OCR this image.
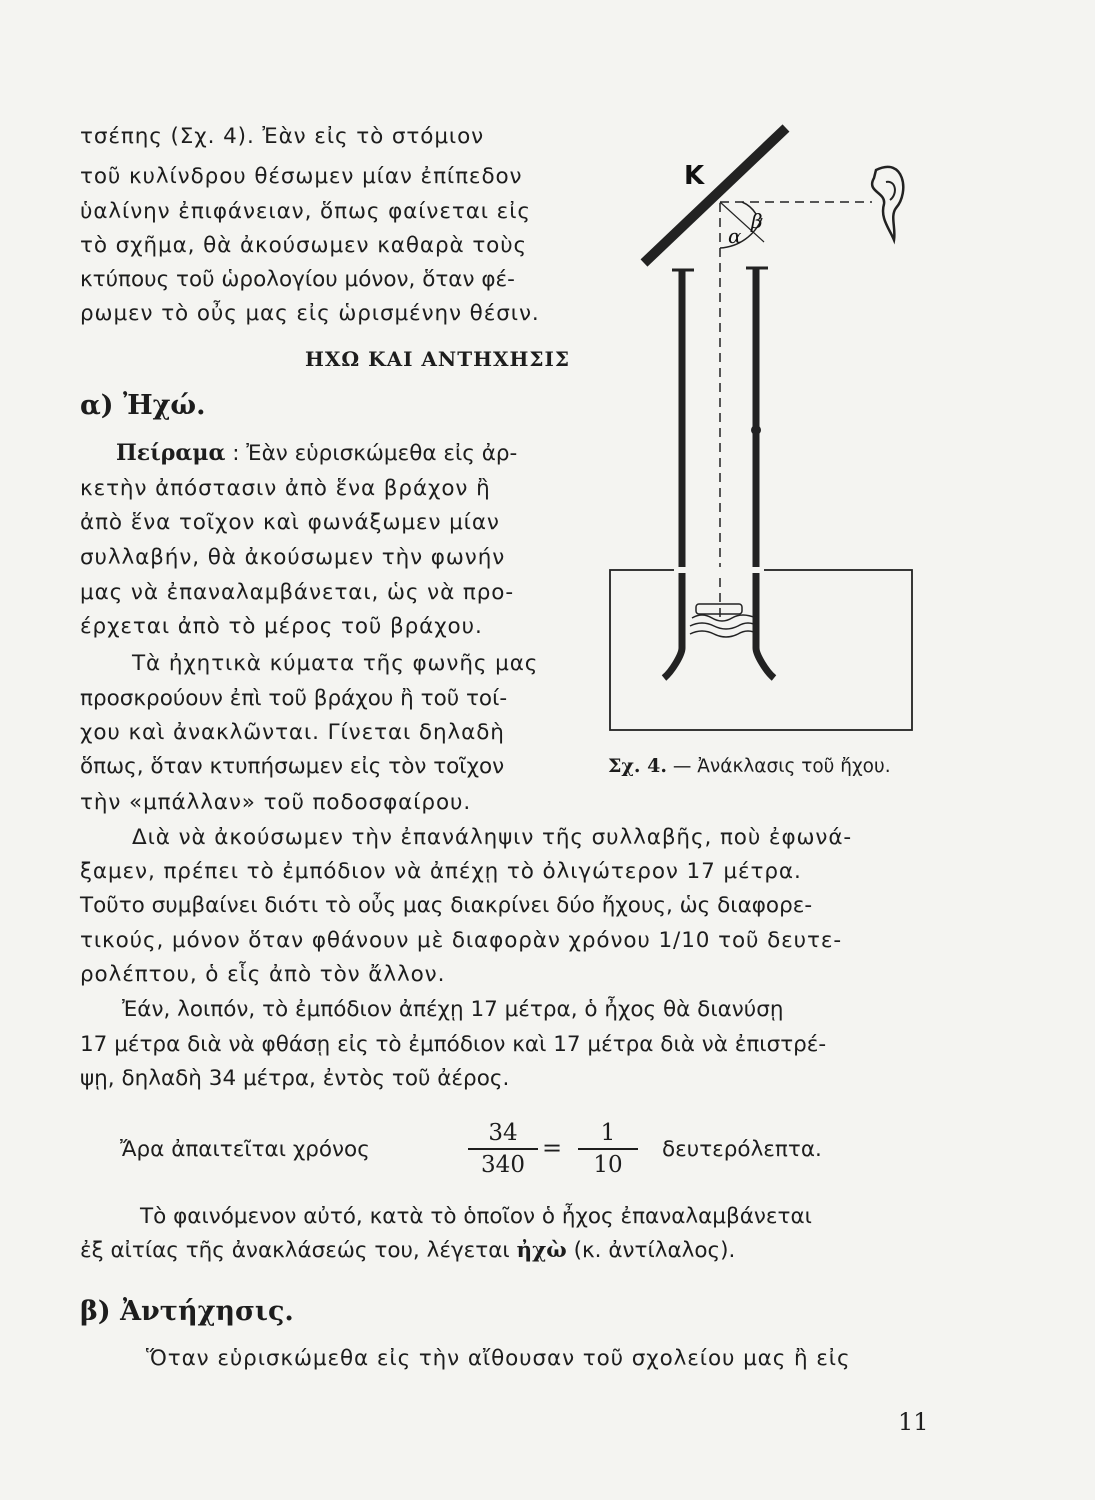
τσέπης (Σχ. 4). Ἐὰν εἰς τὸ στόμιον
τοῦ κυλίνδρου θέσωμεν μίαν ἐπίπεδον
ὑαλίνην ἐπιφάνειαν, ὅπως φαίνεται εἰς
τὸ σχῆμα, θὰ ἀκούσωμεν καθαρὰ τοὺς
κτύπους τοῦ ὡρολογίου μόνον, ὅταν φέ-
ρωμεν τὸ οὖς μας εἰς ὡρισμένην θέσιν.
ΗΧΩ ΚΑΙ ΑΝΤΗΧΗΣΙΣ
α) Ἠχώ.
Πείραμα : Ἐὰν εὑρισκώμεθα εἰς ἀρ-
κετὴν ἀπόστασιν ἀπὸ ἕνα βράχον ἢ
ἀπὸ ἕνα τοῖχον καὶ φωνάξωμεν μίαν
συλλαβήν, θὰ ἀκούσωμεν τὴν φωνήν
μας νὰ ἐπαναλαμβάνεται, ὡς νὰ προ-
έρχεται ἀπὸ τὸ μέρος τοῦ βράχου.
Τὰ ἠχητικὰ κύματα τῆς φωνῆς μας
προσκρούουν ἐπὶ τοῦ βράχου ἢ τοῦ τοί-
χου καὶ ἀνακλῶνται. Γίνεται δηλαδὴ
ὅπως, ὅταν κτυπήσωμεν εἰς τὸν τοῖχον
τὴν «μπάλλαν» τοῦ ποδοσφαίρου.
K
α
β
Σχ. 4. — Ἀνάκλασις τοῦ ἤχου.
Διὰ νὰ ἀκούσωμεν τὴν ἐπανάληψιν τῆς συλλαβῆς, ποὺ ἐφωνά-
ξαμεν, πρέπει τὸ ἐμπόδιον νὰ ἀπέχῃ τὸ ὀλιγώτερον 17 μέτρα.
Τοῦτο συμβαίνει διότι τὸ οὖς μας διακρίνει δύο ἤχους, ὡς διαφορε-
τικούς, μόνον ὅταν φθάνουν μὲ διαφορὰν χρόνου 1/10 τοῦ δευτε-
ρολέπτου, ὁ εἷς ἀπὸ τὸν ἄλλον.
Ἐάν, λοιπόν, τὸ ἐμπόδιον ἀπέχῃ 17 μέτρα, ὁ ἦχος θὰ διανύσῃ
17 μέτρα διὰ νὰ φθάσῃ εἰς τὸ ἐμπόδιον καὶ 17 μέτρα διὰ νὰ ἐπιστρέ-
ψῃ, δηλαδὴ 34 μέτρα, ἐντὸς τοῦ ἀέρος.
Ἄρα ἀπαιτεῖται χρόνος
34
340
=
1
10
δευτερόλεπτα.
Τὸ φαινόμενον αὐτό, κατὰ τὸ ὁποῖον ὁ ἦχος ἐπαναλαμβάνεται
ἐξ αἰτίας τῆς ἀνακλάσεώς του, λέγεται ἠχὼ (κ. ἀντίλαλος).
β) Ἀντήχησις.
Ὅταν εὑρισκώμεθα εἰς τὴν αἴθουσαν τοῦ σχολείου μας ἢ εἰς
11
